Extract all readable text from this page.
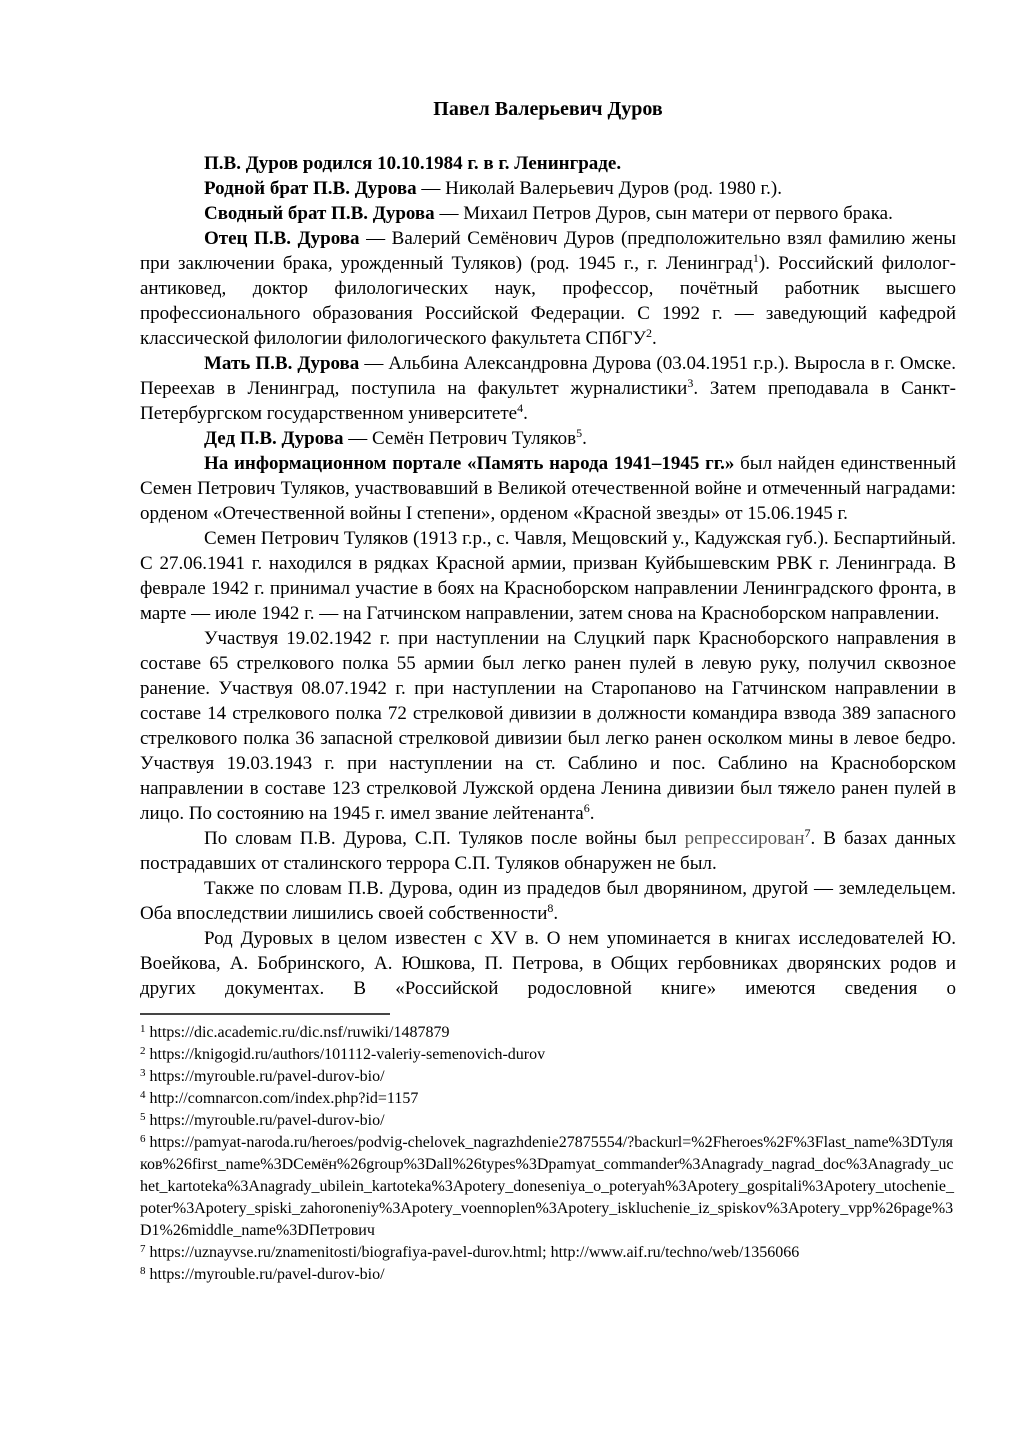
Павел Валерьевич Дуров

П.В. Дуров родился 10.10.1984 г. в г. Ленинграде.

Родной брат П.В. Дурова — Николай Валерьевич Дуров (род. 1980 г.).

Сводный брат П.В. Дурова — Михаил Петров Дуров, сын матери от первого брака.

Отец П.В. Дурова — Валерий Семёнович Дуров (предположительно взял фамилию жены при заключении брака, урожденный Туляков) (род. 1945 г., г. Ленинград$^1$). Российский филолог-антиковед, доктор филологических наук, профессор, почётный работник высшего профессионального образования Российской Федерации. С 1992 г. — заведующий кафедрой классической филологии филологического факультета СПбГУ$^2$.

Мать П.В. Дурова — Альбина Александровна Дурова (03.04.1951 г.р.). Выросла в г. Омске. Переехав в Ленинград, поступила на факультет журналистики$^3$. Затем преподавала в Санкт-Петербургском государственном университете$^4$.

Дед П.В. Дурова — Семён Петрович Туляков$^5$.

На информационном портале «Память народа 1941–1945 гг.» был найден единственный Семен Петрович Туляков, участвовавший в Великой отечественной войне и отмеченный наградами: орденом «Отечественной войны I степени», орденом «Красной звезды» от 15.06.1945 г.

Семен Петрович Туляков (1913 г.р., с. Чавля, Мещовский у., Кадужская губ.). Беспартийный. С 27.06.1941 г. находился в рядках Красной армии, призван Куйбышевским РВК г. Ленинграда. В феврале 1942 г. принимал участие в боях на Красноборском направлении Ленинградского фронта, в марте — июле 1942 г. — на Гатчинском направлении, затем снова на Красноборском направлении.

Участвуя 19.02.1942 г. при наступлении на Слуцкий парк Красноборского направления в составе 65 стрелкового полка 55 армии был легко ранен пулей в левую руку, получил сквозное ранение. Участвуя 08.07.1942 г. при наступлении на Старопаново на Гатчинском направлении в составе 14 стрелкового полка 72 стрелковой дивизии в должности командира взвода 389 запасного стрелкового полка 36 запасной стрелковой дивизии был легко ранен осколком мины в левое бедро. Участвуя 19.03.1943 г. при наступлении на ст. Саблино и пос. Саблино на Красноборском направлении в составе 123 стрелковой Лужской ордена Ленина дивизии был тяжело ранен пулей в лицо. По состоянию на 1945 г. имел звание лейтенанта$^6$.

По словам П.В. Дурова, С.П. Туляков после войны был репрессирован$^7$. В базах данных пострадавших от сталинского террора С.П. Туляков обнаружен не был.

Также по словам П.В. Дурова, один из прадедов был дворянином, другой — земледельцем. Оба впоследствии лишились своей собственности$^8$.

Род Дуровых в целом известен с XV в. О нем упоминается в книгах исследователей Ю. Воейкова, А. Бобринского, А. Юшкова, П. Петрова, в Общих гербовниках дворянских родов и других документах. В «Российской родословной книге» имеются сведения о

$^1$ https://dic.academic.ru/dic.nsf/ruwiki/1487879
$^2$ https://knigogid.ru/authors/101112-valeriy-semenovich-durov
$^3$ https://myrouble.ru/pavel-durov-bio/
$^4$ http://comnarcon.com/index.php?id=1157
$^5$ https://myrouble.ru/pavel-durov-bio/
$^6$ https://pamyat-naroda.ru/heroes/podvig-chelovek_nagrazhdenie27875554/?backurl=%2Fheroes%2F%3Flast_name%3DТуляков%26first_name%3DСемён%26group%3Dall%26types%3Dpamyat_commander%3Anagrady_nagrad_doc%3Anagrady_uchet_kartoteka%3Anagrady_ubilein_kartoteka%3Apotery_doneseniya_o_poteryah%3Apotery_gospitali%3Apotery_utochenie_poter%3Apotery_spiski_zahoroneniy%3Apotery_voennoplen%3Apotery_iskluchenie_iz_spiskov%3Apotery_vpp%26page%3D1%26middle_name%3DПетрович
$^7$ https://uznayvse.ru/znamenitosti/biografiya-pavel-durov.html; http://www.aif.ru/techno/web/1356066
$^8$ https://myrouble.ru/pavel-durov-bio/
